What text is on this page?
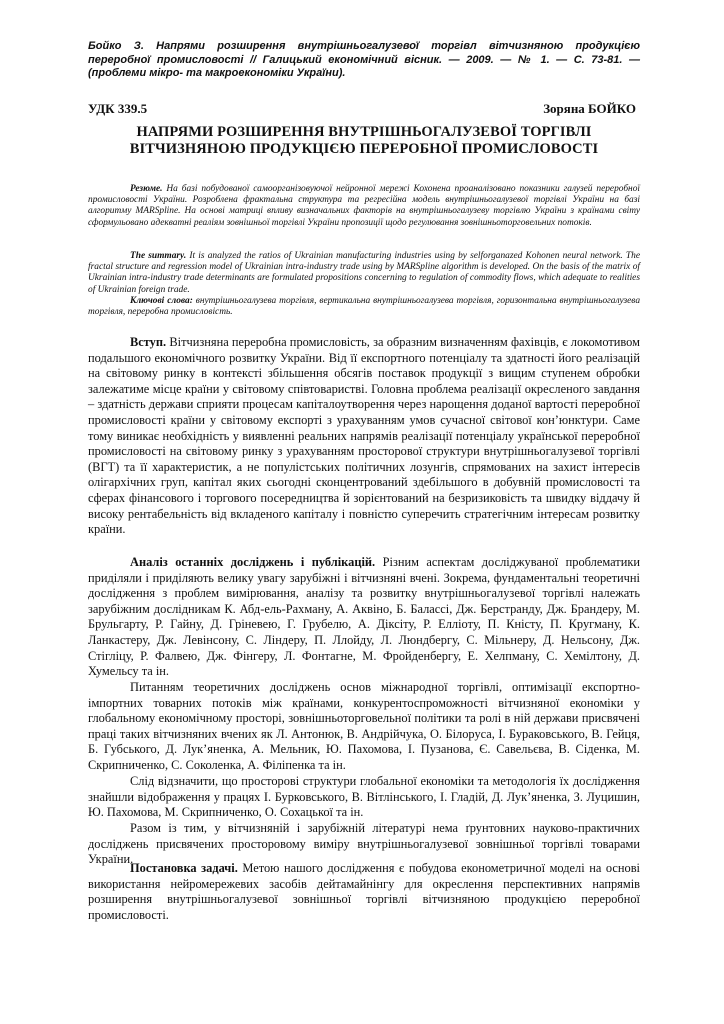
Бойко З. Напрями розширення внутрішньогалузевої торгівл вітчизняною продукцією переробної промисловості // Галицький економічний вісник. — 2009. — № 1. — С. 73-81. — (проблеми мікро- та макроекономіки України).
УДК 339.5	Зоряна БОЙКО
НАПРЯМИ РОЗШИРЕННЯ ВНУТРІШНЬОГАЛУЗЕВОЇ ТОРГІВЛІ
ВІТЧИЗНЯНОЮ ПРОДУКЦІЄЮ ПЕРЕРОБНОЇ ПРОМИСЛОВОСТІ
Резюме. На базі побудованої самоорганізовуючої нейронної мережі Кохонена проаналізовано показники галузей переробної промисловості України. Розроблена фрактальна структура та регресійна модель внутрішньогалузевої торгівлі України на базі алгоритму MARSpline. На основі матриці впливу визначальних факторів на внутрішньогалузеву торгівлю України з країнами світу сформульовано адекватні реаліям зовнішньої торгівлі України пропозиції щодо регулювання зовнішньоторговельних потоків.
The summary. It is analyzed the ratios of Ukrainian manufacturing industries using by selforganazed Kohonen neural network. The fractal structure and regression model of Ukrainian intra-industry trade using by MARSpline algorithm is developed. On the basis of the matrix of Ukrainian intra-industry trade determinants are formulated propositions concerning to regulation of commodity flows, which adequate to realities of Ukrainian foreign trade.
Ключові слова: внутрішньогалузева торгівля, вертикальна внутрішньогалузева торгівля, горизонтальна внутрішньогалузева торгівля, переробна промисловість.
Вступ. Вітчизняна переробна промисловість, за образним визначенням фахівців, є локомотивом подальшого економічного розвитку України. Від її експортного потенціалу та здатності його реалізацій на світовому ринку в контексті збільшення обсягів поставок продукції з вищим ступенем обробки залежатиме місце країни у світовому співтоваристві. Головна проблема реалізації окресленого завдання – здатність держави сприяти процесам капіталоутворення через нарощення доданої вартості переробної промисловості країни у світовому експорті з урахуванням умов сучасної світової кон’юнктури. Саме тому виникає необхідність у виявленні реальних напрямів реалізації потенціалу української переробної промисловості на світовому ринку з урахуванням просторової структури внутрішньогалузевої торгівлі (ВГТ) та її характеристик, а не популістських політичних лозунгів, спрямованих на захист інтересів олігархічних груп, капітал яких сьогодні сконцентрований здебільшого в добувній промисловості та сферах фінансового і торгового посередництва й зорієнтований на безризиковість та швидку віддачу й високу рентабельність від вкладеного капіталу і повністю суперечить стратегічним інтересам розвитку країни.
Аналіз останніх досліджень і публікацій. Різним аспектам досліджуваної проблематики приділяли і приділяють велику увагу зарубіжні і вітчизняні вчені. Зокрема, фундаментальні теоретичні дослідження з проблем вимірювання, аналізу та розвитку внутрішньогалузевої торгівлі належать зарубіжним дослідникам К. Абд-ель-Рахману, А. Аквіно, Б. Балассі, Дж. Берстранду, Дж. Брандеру, М. Брульгарту, Р. Гайну, Д. Гріневею, Г. Грубелю, А. Діксіту, Р. Елліоту, П. Кністу, П. Кругману, К. Ланкастеру, Дж. Левінсону, С. Ліндеру, П. Ллойду, Л. Люндбергу, С. Мільнеру, Д. Нельсону, Дж. Стігліцу, Р. Фалвею, Дж. Фінгеру, Л. Фонтагне, М. Фройденбергу, Е. Хелпману, С. Хемілтону, Д. Хумельсу та ін.
Питанням теоретичних досліджень основ міжнародної торгівлі, оптимізації експортно-імпортних товарних потоків між країнами, конкурентоспроможності вітчизняної економіки у глобальному економічному просторі, зовнішньоторговельної політики та ролі в ній держави присвячені праці таких вітчизняних вчених як Л. Антонюк, В. Андрійчука, О. Білоруса, І. Бураковського, В. Гейця, Б. Губського, Д. Лук’яненка, А. Мельник, Ю. Пахомова, І. Пузанова, Є. Савельєва, В. Сіденка, М. Скрипниченко, С. Соколенка, А. Філіпенка та ін.
Слід відзначити, що просторові структури глобальної економіки та методологія їх дослідження знайшли відображення у працях І. Бурковського, В. Вітлінського, І. Гладій, Д. Лук’яненка, З. Луцишин, Ю. Пахомова, М. Скрипниченко, О. Сохацької та ін.
Разом із тим, у вітчизняній і зарубіжній літературі нема ґрунтовних науково-практичних досліджень присвячених просторовому виміру внутрішньогалузевої зовнішньої торгівлі товарами України.
Постановка задачі. Метою нашого дослідження є побудова економетричної моделі на основі використання нейромережевих засобів дейтамайнінгу для окреслення перспективних напрямів розширення внутрішньогалузевої зовнішньої торгівлі вітчизняною продукцією переробної промисловості.
